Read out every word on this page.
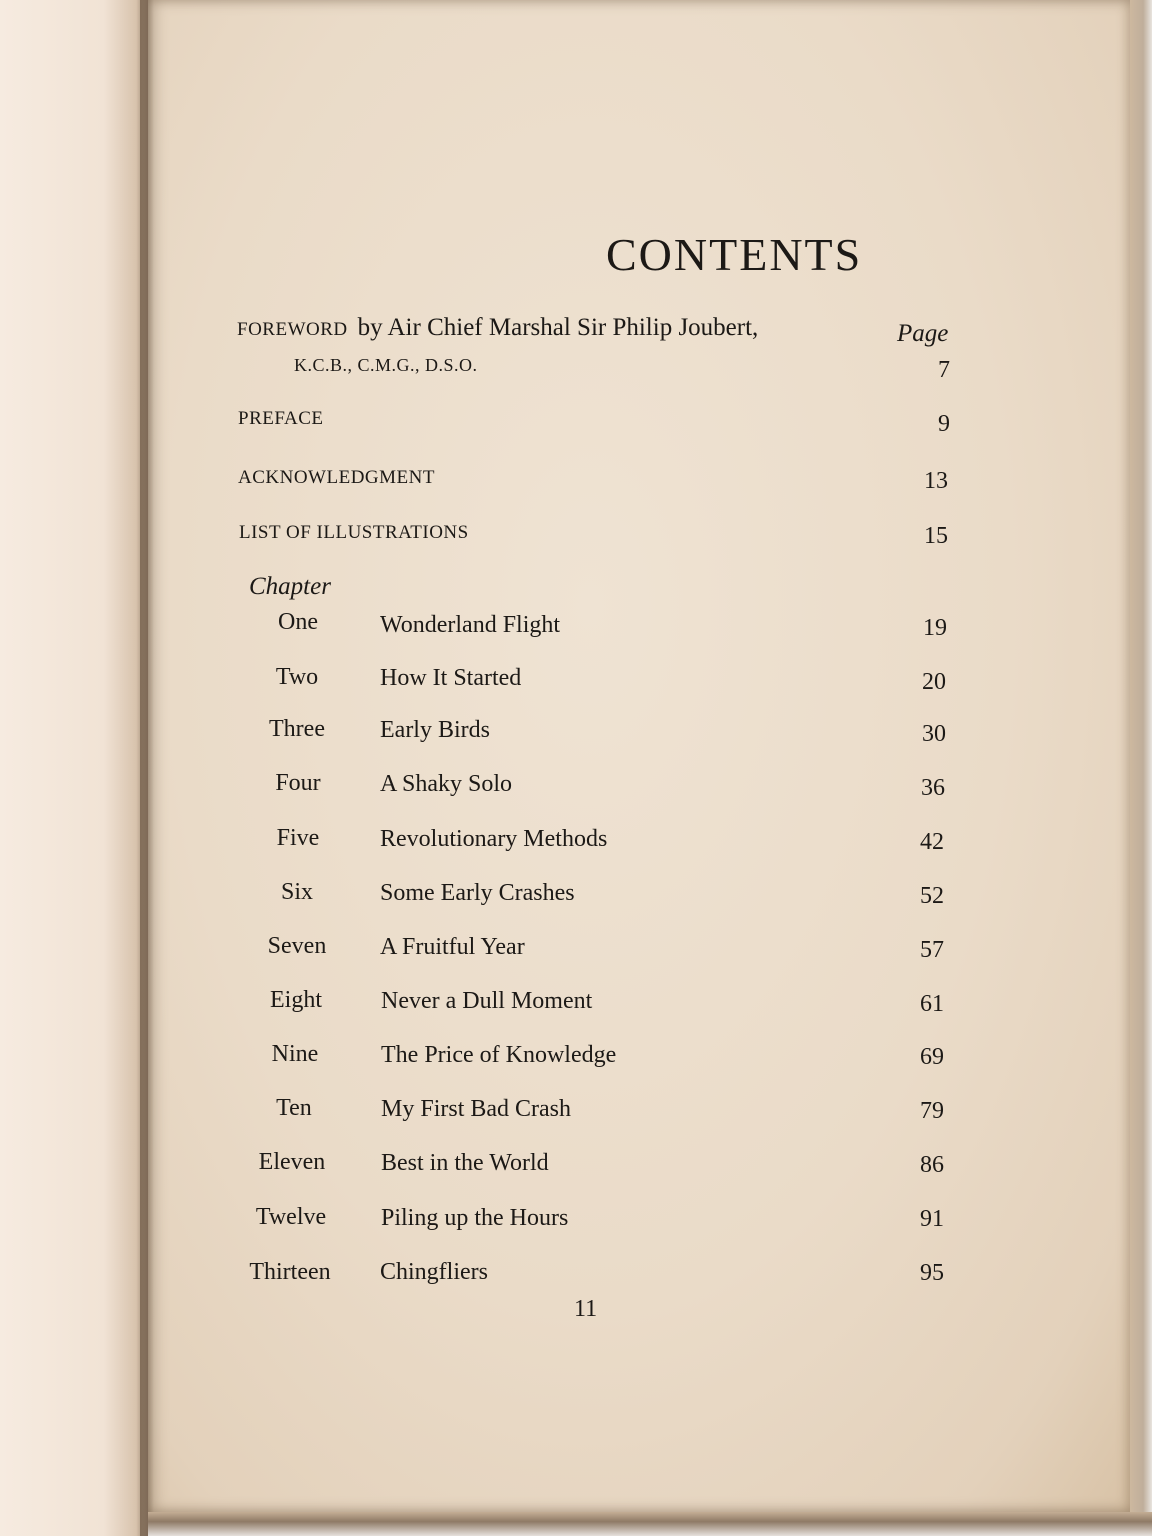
CONTENTS
FOREWORD by Air Chief Marshal Sir Philip Joubert,	Page
K.C.B., C.M.G., D.S.O.	7
PREFACE	9
ACKNOWLEDGMENT	13
LIST OF ILLUSTRATIONS	15
Chapter
One	Wonderland Flight	19
Two	How It Started	20
Three	Early Birds	30
Four	A Shaky Solo	36
Five	Revolutionary Methods	42
Six	Some Early Crashes	52
Seven	A Fruitful Year	57
Eight	Never a Dull Moment	61
Nine	The Price of Knowledge	69
Ten	My First Bad Crash	79
Eleven	Best in the World	86
Twelve	Piling up the Hours	91
Thirteen	Chingfliers	95
11
